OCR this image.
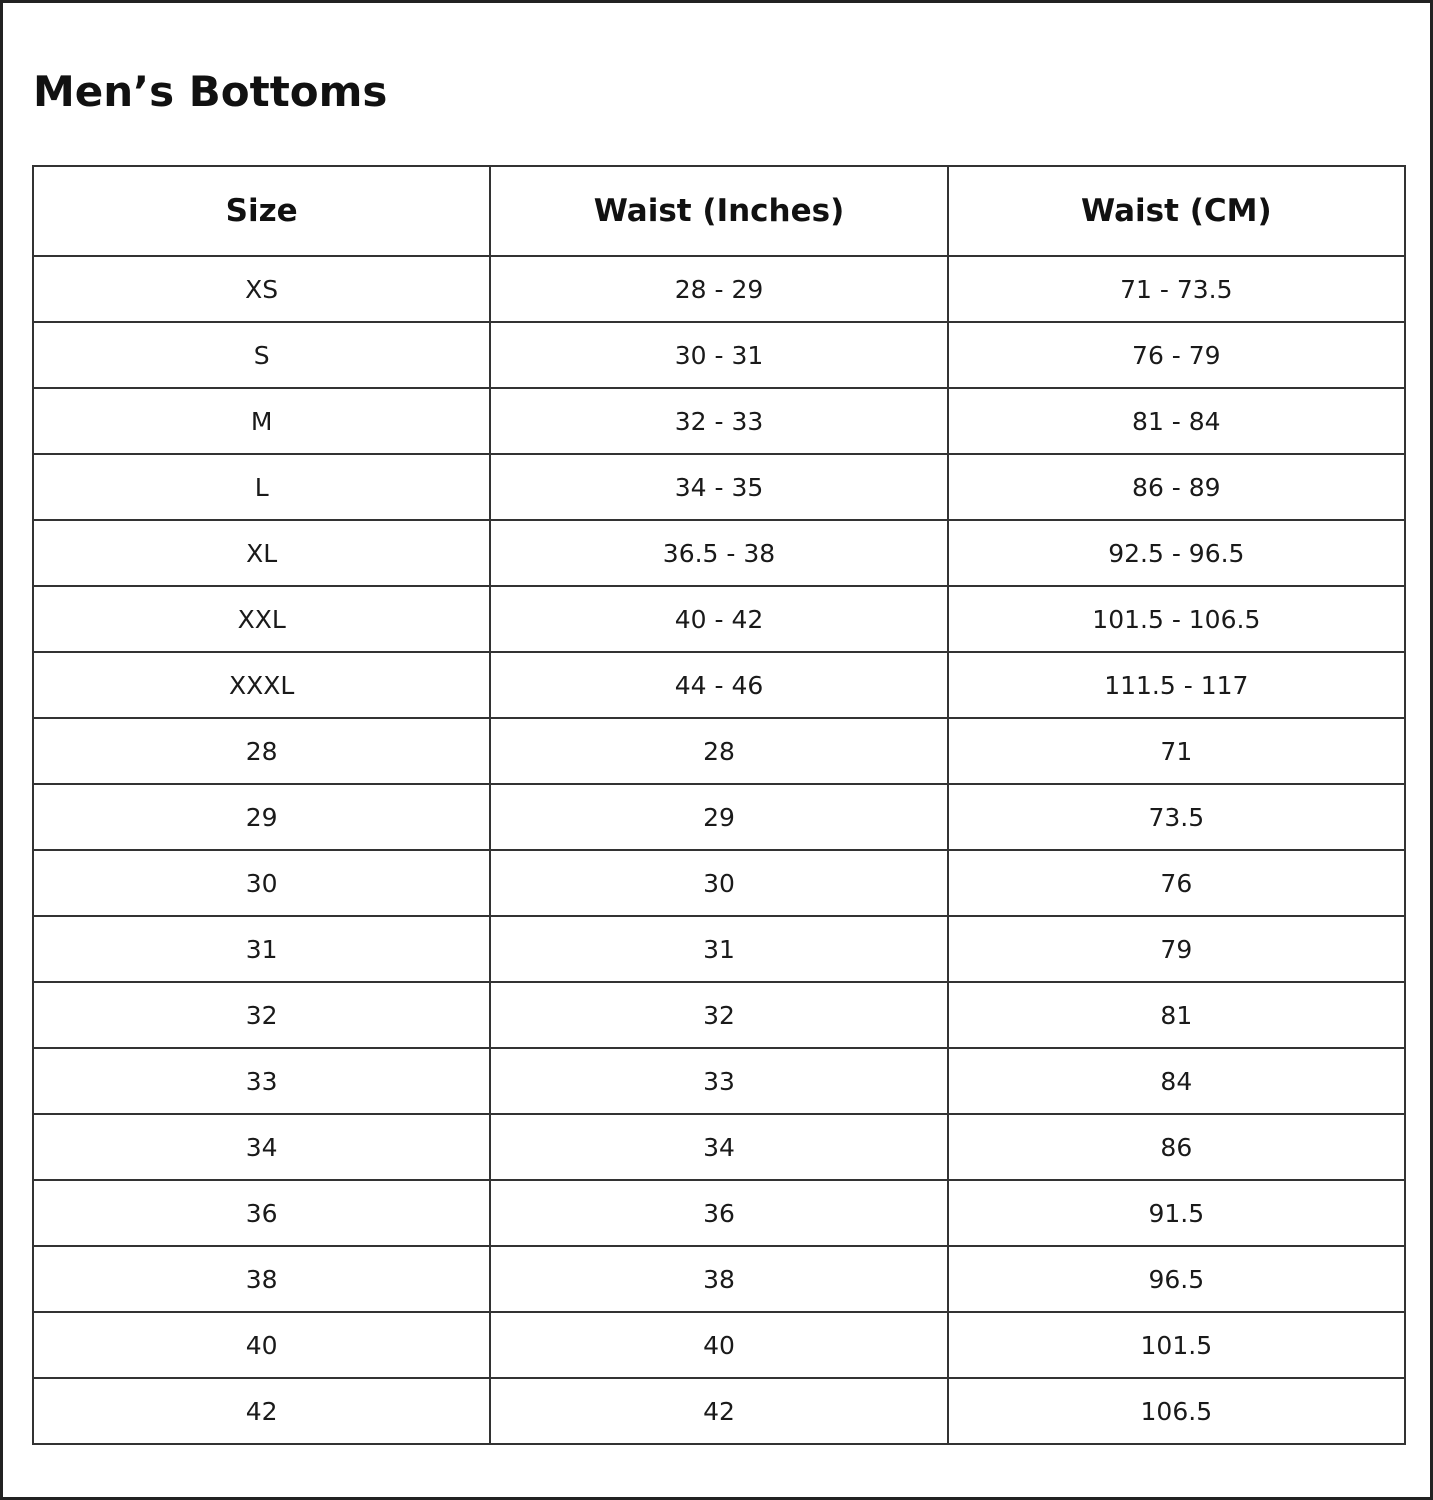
Men’s Bottoms
Size	Waist (Inches)	Waist (CM)
XS	28 - 29	71 - 73.5
S	30 - 31	76 - 79
M	32 - 33	81 - 84
L	34 - 35	86 - 89
XL	36.5 - 38	92.5 - 96.5
XXL	40 - 42	101.5 - 106.5
XXXL	44 - 46	111.5 - 117
28	28	71
29	29	73.5
30	30	76
31	31	79
32	32	81
33	33	84
34	34	86
36	36	91.5
38	38	96.5
40	40	101.5
42	42	106.5
